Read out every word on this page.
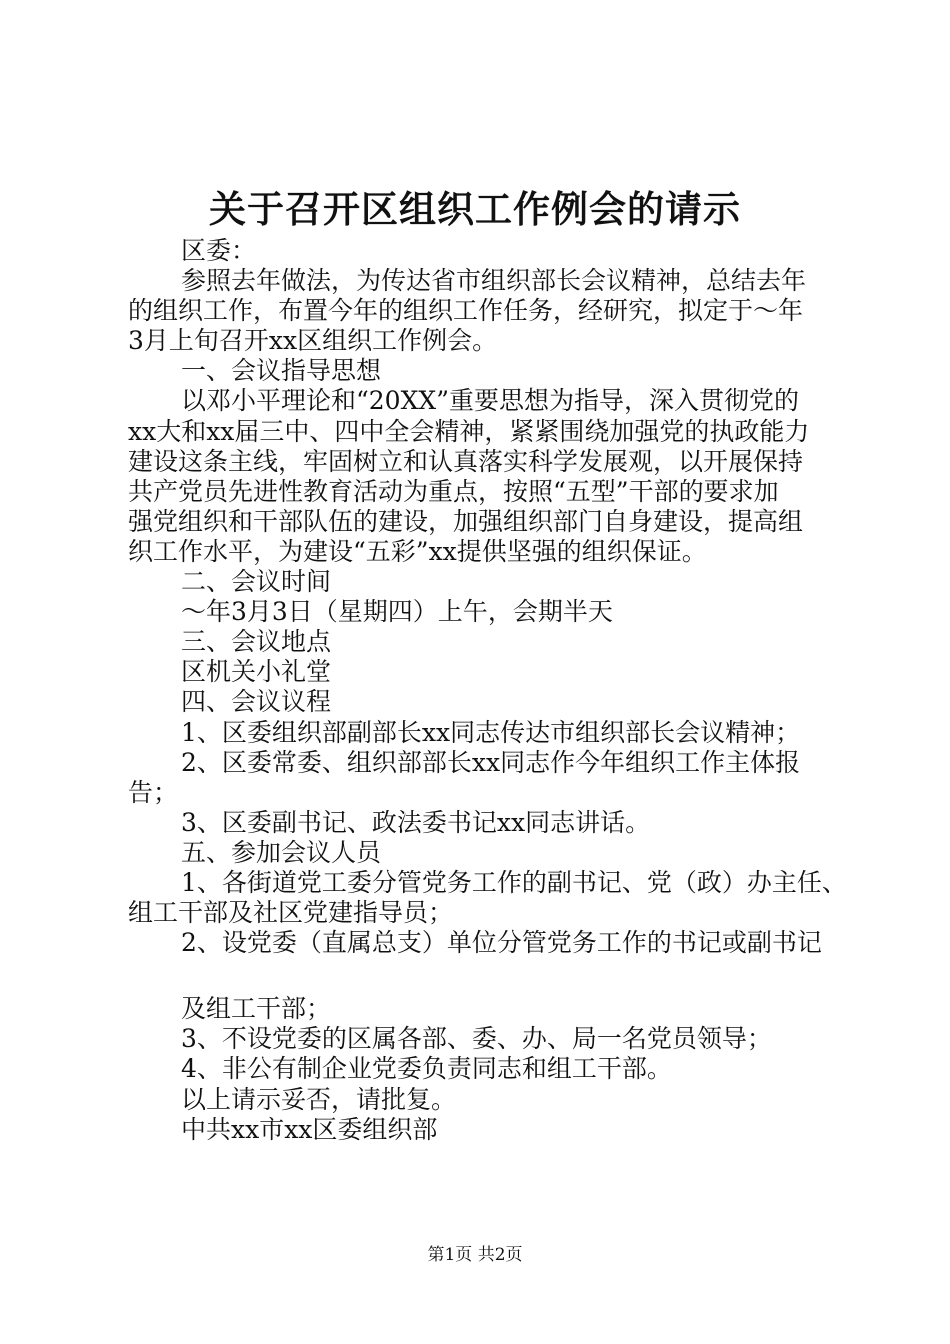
关于召开区组织工作例会的请示
区委：
参照去年做法，为传达省市组织部长会议精神，总结去年
的组织工作，布置今年的组织工作任务，经研究，拟定于～年
3月上旬召开xx区组织工作例会。
一、会议指导思想
以邓小平理论和“20XX”重要思想为指导，深入贯彻党的
xx大和xx届三中、四中全会精神，紧紧围绕加强党的执政能力
建设这条主线，牢固树立和认真落实科学发展观，以开展保持
共产党员先进性教育活动为重点，按照“五型”干部的要求加
强党组织和干部队伍的建设，加强组织部门自身建设，提高组
织工作水平，为建设“五彩”xx提供坚强的组织保证。
二、会议时间
～年3月3日（星期四）上午，会期半天
三、会议地点
区机关小礼堂
四、会议议程
1、区委组织部副部长xx同志传达市组织部长会议精神；
2、区委常委、组织部部长xx同志作今年组织工作主体报
告；
3、区委副书记、政法委书记xx同志讲话。
五、参加会议人员
1、各街道党工委分管党务工作的副书记、党（政）办主任、
组工干部及社区党建指导员；
2、设党委（直属总支）单位分管党务工作的书记或副书记
及组工干部；
3、不设党委的区属各部、委、办、局一名党员领导；
4、非公有制企业党委负责同志和组工干部。
以上请示妥否，请批复。
中共xx市xx区委组织部
第1页 共2页
